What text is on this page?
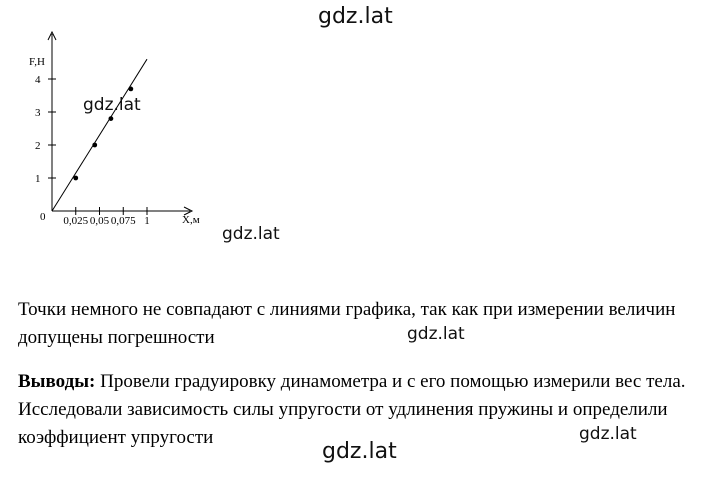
gdz.lat
F,H
X,м
0
1
2
3
4
0,025 0,05 0,075 1
gdz.lat
gdz.lat

Точки немного не совпадают с линиями графика, так как при измерении величин допущены погрешности	gdz.lat

Выводы: Провели градуировку динамометра и с его помощью измерили вес тела. Исследовали зависимость силы упругости от удлинения пружины и определили коэффициент упругости	gdz.lat
gdz.lat
